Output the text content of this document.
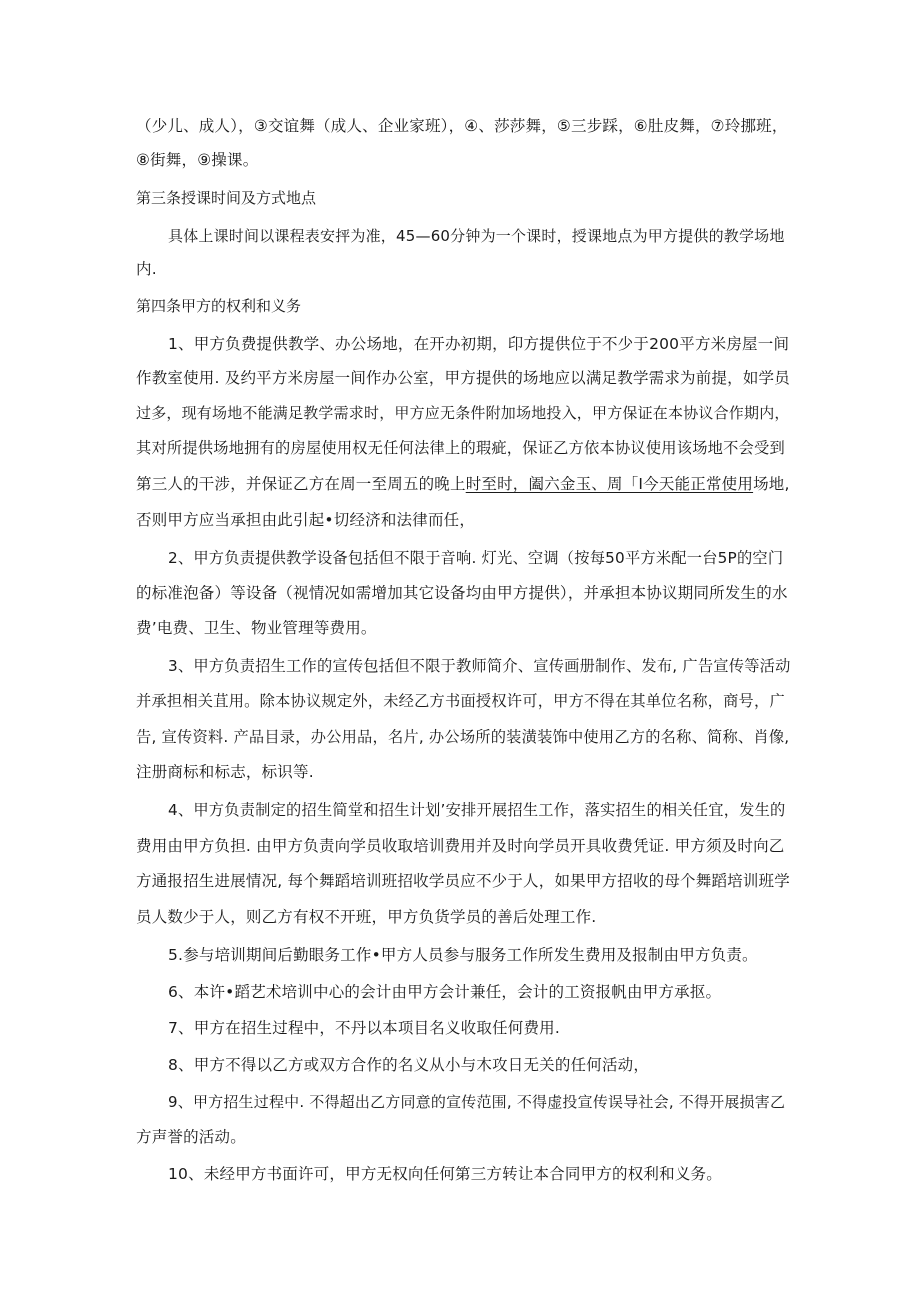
（少儿、成人），③交谊舞（成人、企业家班），④、莎莎舞，⑤三步踩，⑥肚皮舞，⑦玲挪班，
⑧街舞，⑨操课。
第三条授课时间及方式地点
具体上课时间以课程表安抨为准，45—60分钟为一个课时，授课地点为甲方提供的教学场地
内.
第四条甲方的权利和义务
1、甲方负费提供教学、办公场地，在开办初期，印方提供位于不少于200平方米房屋一间
作教室使用. 及约平方米房屋一间作办公室，甲方提供的场地应以满足教学需求为前提，如学员
过多，现有场地不能满足教学需求时，甲方应无条件附加场地投入，甲方保证在本协议合作期内，
其对所提供场地拥有的房屋使用权无任何法律上的瑕疵，保证乙方依本协议使用该场地不会受到
第三人的干涉，并保证乙方在周一至周五的晚上时至时，阖六金玉、周「I今天能正常使用场地,
否则甲方应当承担由此引起•切经济和法律而任，
2、甲方负责提供教学设备包括但不限于音响. 灯光、空调（按每50平方米配一台5P的空门
的标准泡备）等设备（视情况如需增加其它设备均由甲方提供），并承担本协议期同所发生的水
费’电费、卫生、物业管理等费用。
3、甲方负责招生工作的宣传包括但不限于教师简介、宣传画册制作、发布, 广告宣传等活动
并承担相关苴用。除本协议规定外，未经乙方书面授权许可，甲方不得在其单位名称，商号，广
告, 宣传资料. 产品目录，办公用品，名片, 办公场所的装潢装饰中使用乙方的名称、简称、肖像,
注册商标和标志，标识等.
4、甲方负责制定的招生简堂和招生计划’安排开展招生工作，落实招生的相关任宜，发生的
费用由甲方负担. 由甲方负责向学员收取培训费用并及时向学员开具收费凭证. 甲方须及时向乙
方通报招生进展情况, 每个舞蹈培训班招收学员应不少于人，如果甲方招收的母个舞蹈培训班学
员人数少于人，则乙方有权不开班，甲方负货学员的善后处理工作.
5.参与培训期间后勤眼务工作•甲方人员参与服务工作所发生费用及报制由甲方负责。
6、本许•蹈艺术培训中心的会计由甲方会计兼任，会计的工资报帆由甲方承抠。
7、甲方在招生过程中，不丹以本项目名义收取任何费用.
8、甲方不得以乙方或双方合作的名义从小与木攻日无关的任何活动，
9、甲方招生过程中. 不得超出乙方同意的宣传范围, 不得虚投宣传误导社会, 不得开展损害乙
方声誉的活动。
10、未经甲方书面许可，甲方无权向任何第三方转让本合同甲方的权利和义务。
